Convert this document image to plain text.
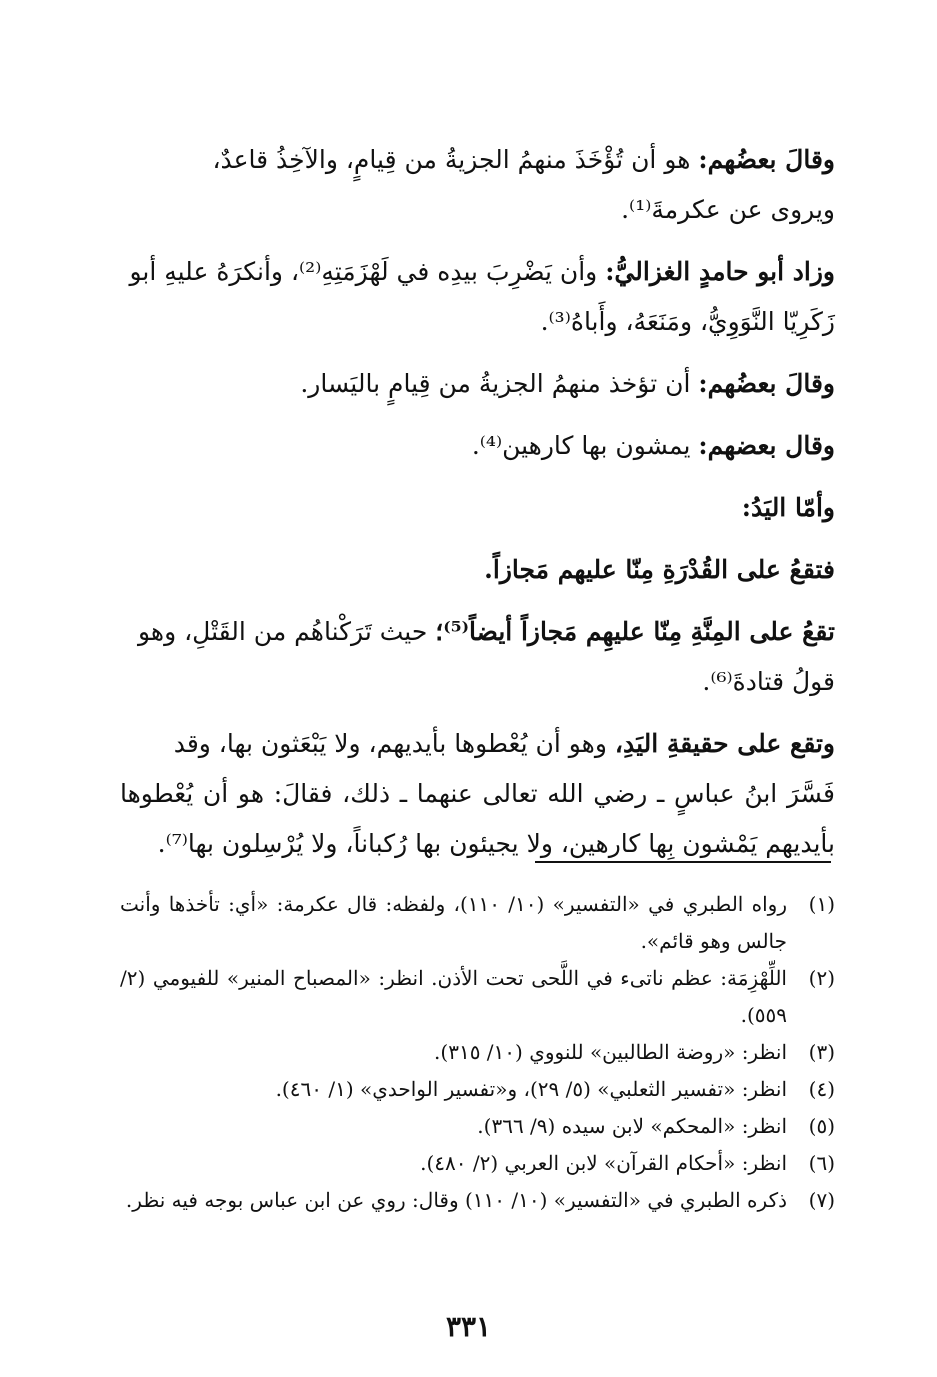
وقالَ بعضُهم: هو أن تُؤْخَذَ منهمُ الجزيةُ من قِيامٍ، والآخِذُ قاعدٌ،
ويروى عن عكرمةَ⁽¹⁾.

وزاد أبو حامدٍ الغزاليُّ: وأن يَضْرِبَ بيدِه في لَهْزَمَتِهِ⁽²⁾، وأنكرَهُ عليهِ أبو
زَكَرِيّا النَّوَوِيُّ، ومَنَعَهُ، وأَباهُ⁽³⁾.

وقالَ بعضُهم: أن تؤخذ منهمُ الجزيةُ من قِيامٍ باليَسار.

وقال بعضهم: يمشون بها كارهين⁽⁴⁾.

وأمّا اليَدُ:

فتقعُ على القُدْرَةِ مِنّا عليهم مَجازاً.

تقعُ على المِنَّةِ مِنّا عليهِم مَجازاً أيضاً⁽⁵⁾؛ حيث تَرَكْناهُم من القَتْلِ، وهو
قولُ قتادةَ⁽⁶⁾.

وتقع على حقيقةِ اليَدِ، وهو أن يُعْطوها بأيديهم، ولا يَبْعَثون بها، وقد
فَسَّرَ ابنُ عباسٍ ـ رضي الله تعالى عنهما ـ ذلك، فقالَ: هو أن يُعْطوها
بأيديهم يَمْشون بِها كارهين، ولا يجيئون بها رُكباناً، ولا يُرْسِلون بها⁽⁷⁾.

(١)
رواه الطبري في «التفسير» (١٠/ ١١٠)، ولفظه: قال عكرمة: «أي: تأخذها وأنت جالس وهو قائم».
(٢)
اللِّهْزِمَة: عظم ناتىء في اللَّحى تحت الأذن. انظر: «المصباح المنير» للفيومي (٢/ ٥٥٩).
(٣)
انظر: «روضة الطالبين» للنووي (١٠/ ٣١٥).
(٤)
انظر: «تفسير الثعلبي» (٥/ ٢٩)، و«تفسير الواحدي» (١/ ٤٦٠).
(٥)
انظر: «المحكم» لابن سيده (٩/ ٣٦٦).
(٦)
انظر: «أحكام القرآن» لابن العربي (٢/ ٤٨٠).
(٧)
ذكره الطبري في «التفسير» (١٠/ ١١٠) وقال: روي عن ابن عباس بوجه فيه نظر.
٣٣١
